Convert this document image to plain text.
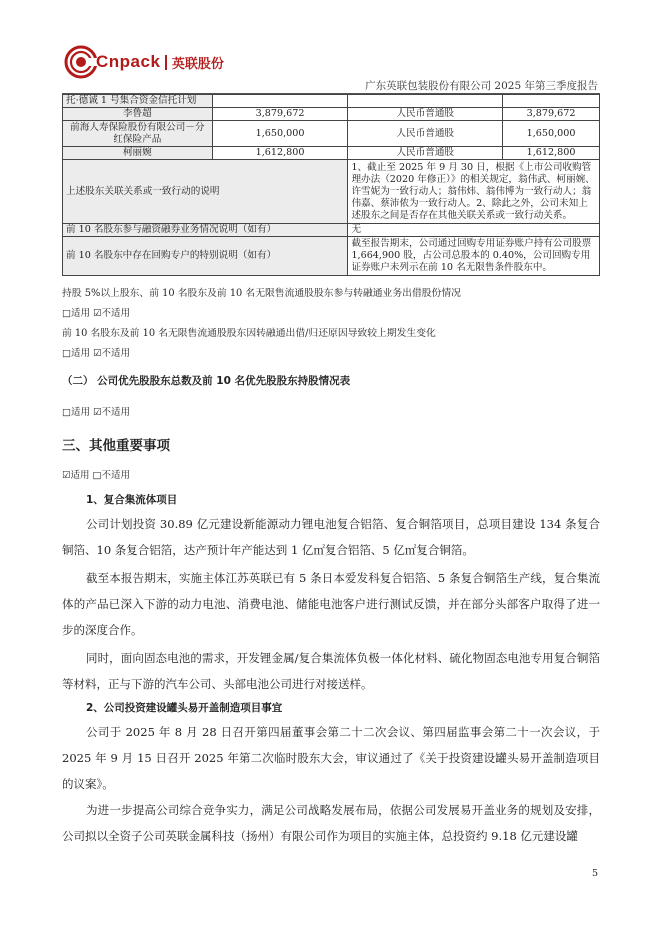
Cnpack 英联股份
广东英联包装股份有限公司 2025 年第三季度报告
托·德诚 1 号集合资金信托计划			
李鲁超	3,879,672	人民币普通股	3,879,672
前海人寿保险股份有限公司－分红保险产品	1,650,000	人民币普通股	1,650,000
柯丽婉	1,612,800	人民币普通股	1,612,800
上述股东关联关系或一致行动的说明		1、截止至 2025 年 9 月 30 日，根据《上市公司收购管理办法（2020 年修正）》的相关规定，翁伟武、柯丽婉、许雪妮为一致行动人；翁伟炜、翁伟博为一致行动人；翁伟嘉、蔡沛侬为一致行动人。2、除此之外，公司未知上述股东之间是否存在其他关联关系或一致行动关系。	
前 10 名股东参与融资融券业务情况说明（如有）		无	
前 10 名股东中存在回购专户的特别说明（如有）		截至报告期末，公司通过回购专用证券账户持有公司股票 1,664,900 股，占公司总股本的 0.40%，公司回购专用证券账户未列示在前 10 名无限售条件股东中。	
持股 5%以上股东、前 10 名股东及前 10 名无限售流通股股东参与转融通业务出借股份情况
□适用 ☑不适用
前 10 名股东及前 10 名无限售流通股股东因转融通出借/归还原因导致较上期发生变化
□适用 ☑不适用
（二） 公司优先股股东总数及前 10 名优先股股东持股情况表
□适用 ☑不适用
三、其他重要事项
☑适用 □不适用
1、复合集流体项目
公司计划投资 30.89 亿元建设新能源动力锂电池复合铝箔、复合铜箔项目，总项目建设 134 条复合铜箔、10 条复合铝箔，达产预计年产能达到 1 亿㎡复合铝箔、5 亿㎡复合铜箔。
截至本报告期末，实施主体江苏英联已有 5 条日本爱发科复合铝箔、5 条复合铜箔生产线，复合集流体的产品已深入下游的动力电池、消费电池、储能电池客户进行测试反馈，并在部分头部客户取得了进一步的深度合作。
同时，面向固态电池的需求，开发锂金属/复合集流体负极一体化材料、硫化物固态电池专用复合铜箔等材料，正与下游的汽车公司、头部电池公司进行对接送样。
2、公司投资建设罐头易开盖制造项目事宜
公司于 2025 年 8 月 28 日召开第四届董事会第二十二次会议、第四届监事会第二十一次会议，于 2025 年 9 月 15 日召开 2025 年第二次临时股东大会，审议通过了《关于投资建设罐头易开盖制造项目的议案》。
为进一步提高公司综合竞争实力，满足公司战略发展布局，依据公司发展易开盖业务的规划及安排，公司拟以全资子公司英联金属科技（扬州）有限公司作为项目的实施主体，总投资约 9.18 亿元建设罐
5
